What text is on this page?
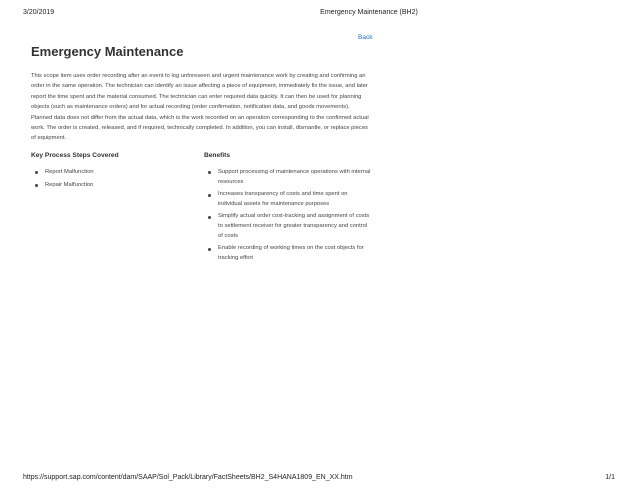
3/20/2019	Emergency Maintenance (BH2)
Back
Emergency Maintenance

This scope item uses order recording after an event to log unforeseen and urgent maintenance work by creating and confirming an order in the same operation. The technician can identify an issue affecting a piece of equipment, immediately fix the issue, and later report the time spent and the material consumed. The technician can enter required data quickly. It can then be used for planning objects (such as maintenance orders) and for actual recording (order confirmation, notification data, and goods movements). Planned data does not differ from the actual data, which is the work recorded on an operation corresponding to the confirmed actual work. The order is created, released, and if required, technically completed. In addition, you can install, dismantle, or replace pieces of equipment.

Key Process Steps Covered
Report Malfunction
Repair Malfunction
Benefits
Support processing of maintenance operations with internal resources
Increases transparency of costs and time spent on individual assets for maintenance purposes
Simplify actual order cost-tracking and assignment of costs to settlement receiver for greater transparency and control of costs
Enable recording of working times on the cost objects for tracking effort
https://support.sap.com/content/dam/SAAP/Sol_Pack/Library/FactSheets/BH2_S4HANA1809_EN_XX.htm	1/1
